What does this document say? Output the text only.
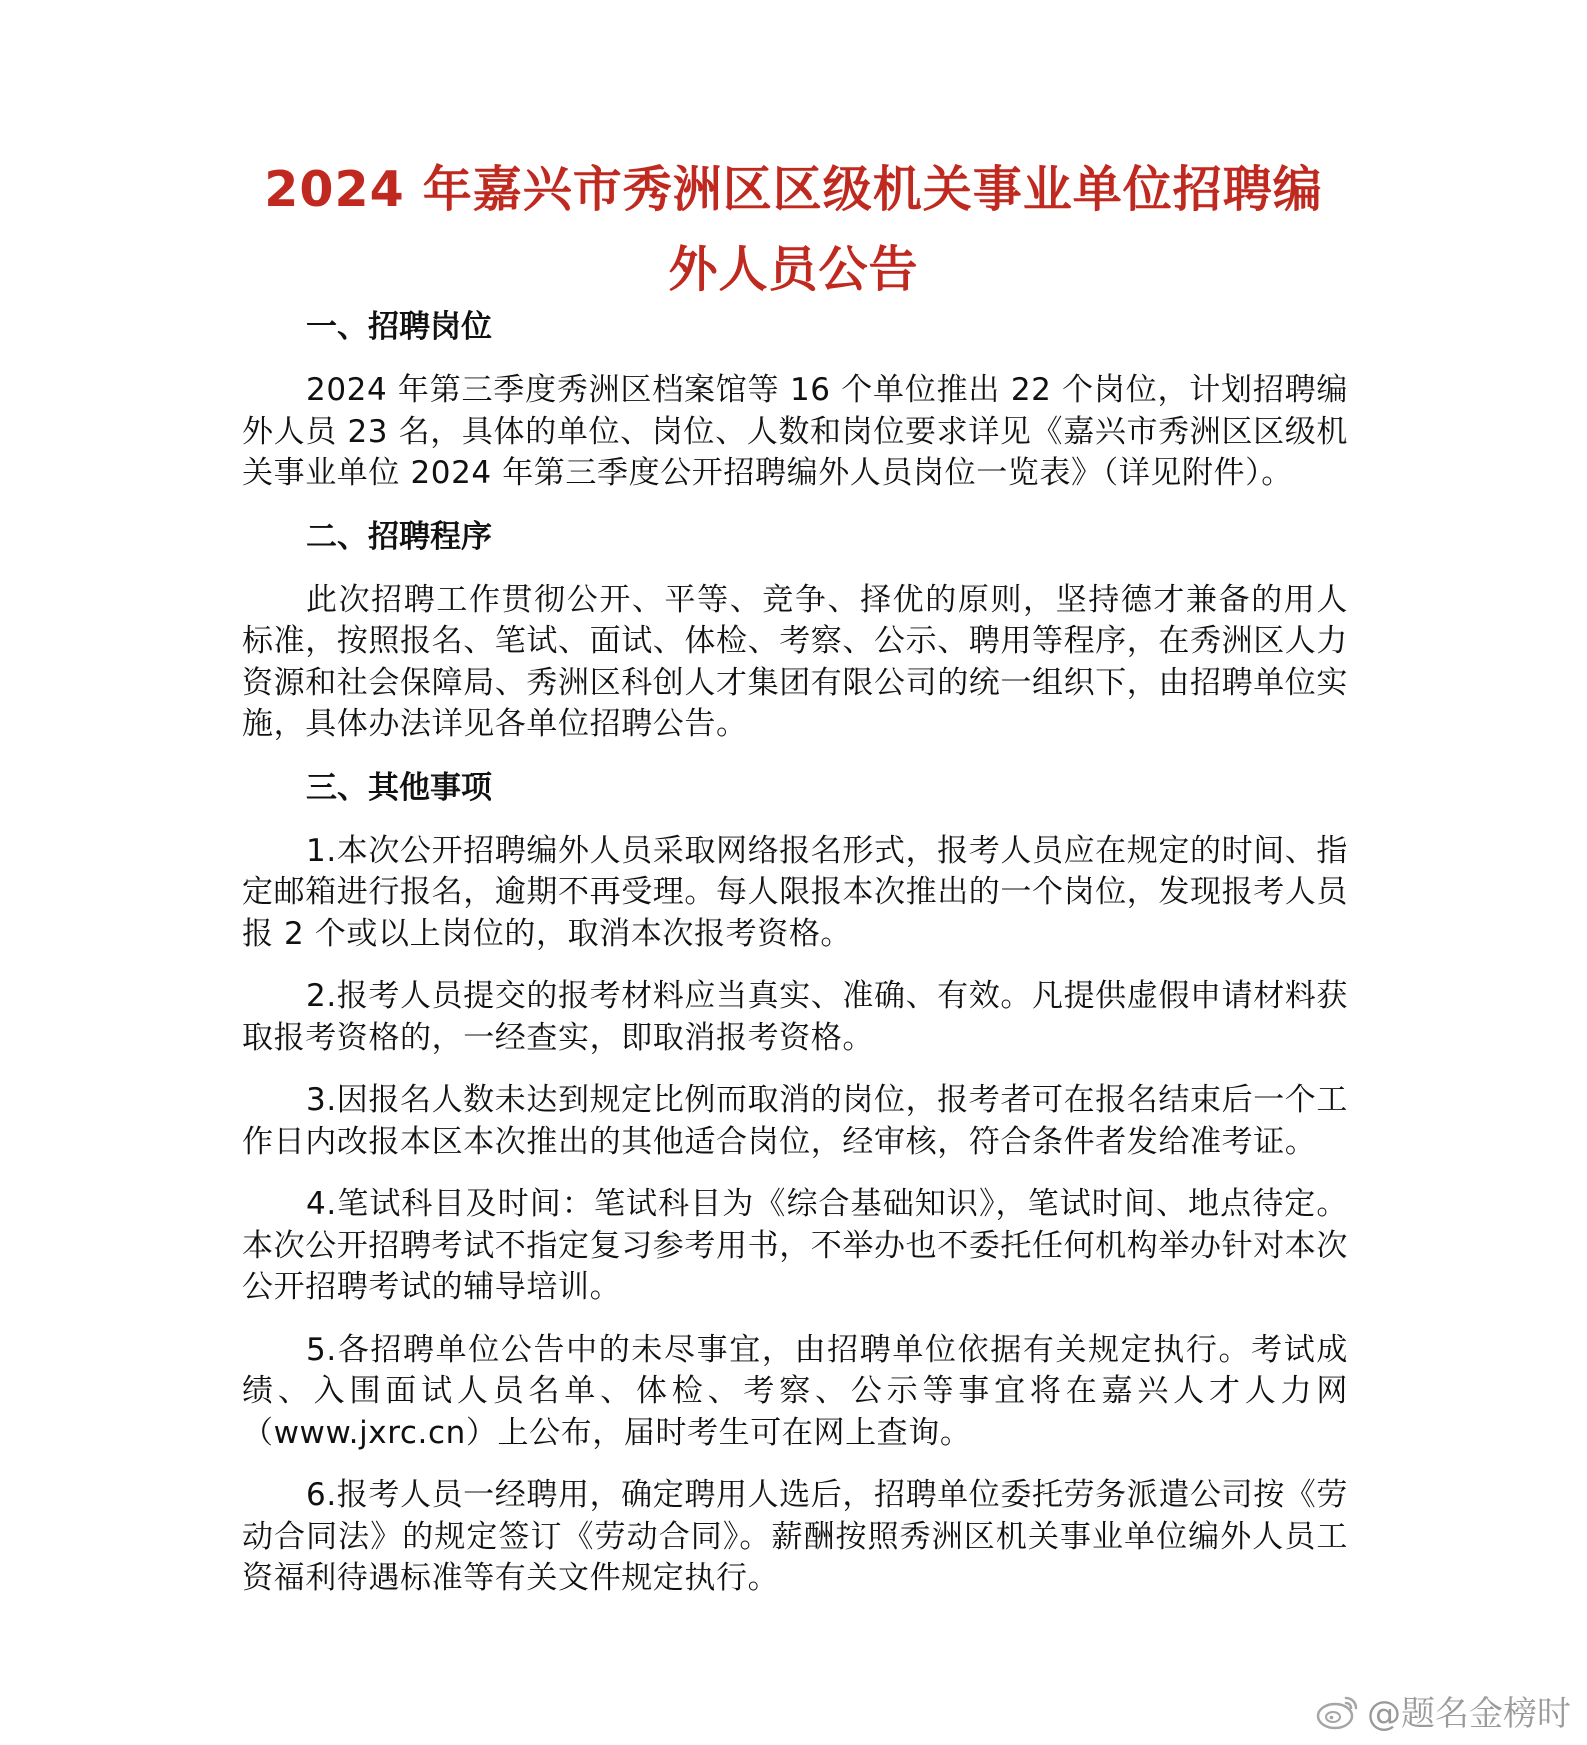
2024 年嘉兴市秀洲区区级机关事业单位招聘编
外人员公告

一、招聘岗位

2024 年第三季度秀洲区档案馆等 16 个单位推出 22 个岗位，计划招聘编外人员 23 名，具体的单位、岗位、人数和岗位要求详见《嘉兴市秀洲区区级机关事业单位 2024 年第三季度公开招聘编外人员岗位一览表》（详见附件）。

二、招聘程序

此次招聘工作贯彻公开、平等、竞争、择优的原则，坚持德才兼备的用人标准，按照报名、笔试、面试、体检、考察、公示、聘用等程序，在秀洲区人力资源和社会保障局、秀洲区科创人才集团有限公司的统一组织下，由招聘单位实施，具体办法详见各单位招聘公告。

三、其他事项

1.本次公开招聘编外人员采取网络报名形式，报考人员应在规定的时间、指定邮箱进行报名，逾期不再受理。每人限报本次推出的一个岗位，发现报考人员报 2 个或以上岗位的，取消本次报考资格。

2.报考人员提交的报考材料应当真实、准确、有效。凡提供虚假申请材料获取报考资格的，一经查实，即取消报考资格。

3.因报名人数未达到规定比例而取消的岗位，报考者可在报名结束后一个工作日内改报本区本次推出的其他适合岗位，经审核，符合条件者发给准考证。

4.笔试科目及时间：笔试科目为《综合基础知识》，笔试时间、地点待定。本次公开招聘考试不指定复习参考用书，不举办也不委托任何机构举办针对本次公开招聘考试的辅导培训。

5.各招聘单位公告中的未尽事宜，由招聘单位依据有关规定执行。考试成绩、入围面试人员名单、体检、考察、公示等事宜将在嘉兴人才人力网（www.jxrc.cn）上公布，届时考生可在网上查询。

6.报考人员一经聘用，确定聘用人选后，招聘单位委托劳务派遣公司按《劳动合同法》的规定签订《劳动合同》。薪酬按照秀洲区机关事业单位编外人员工资福利待遇标准等有关文件规定执行。

@题名金榜时
